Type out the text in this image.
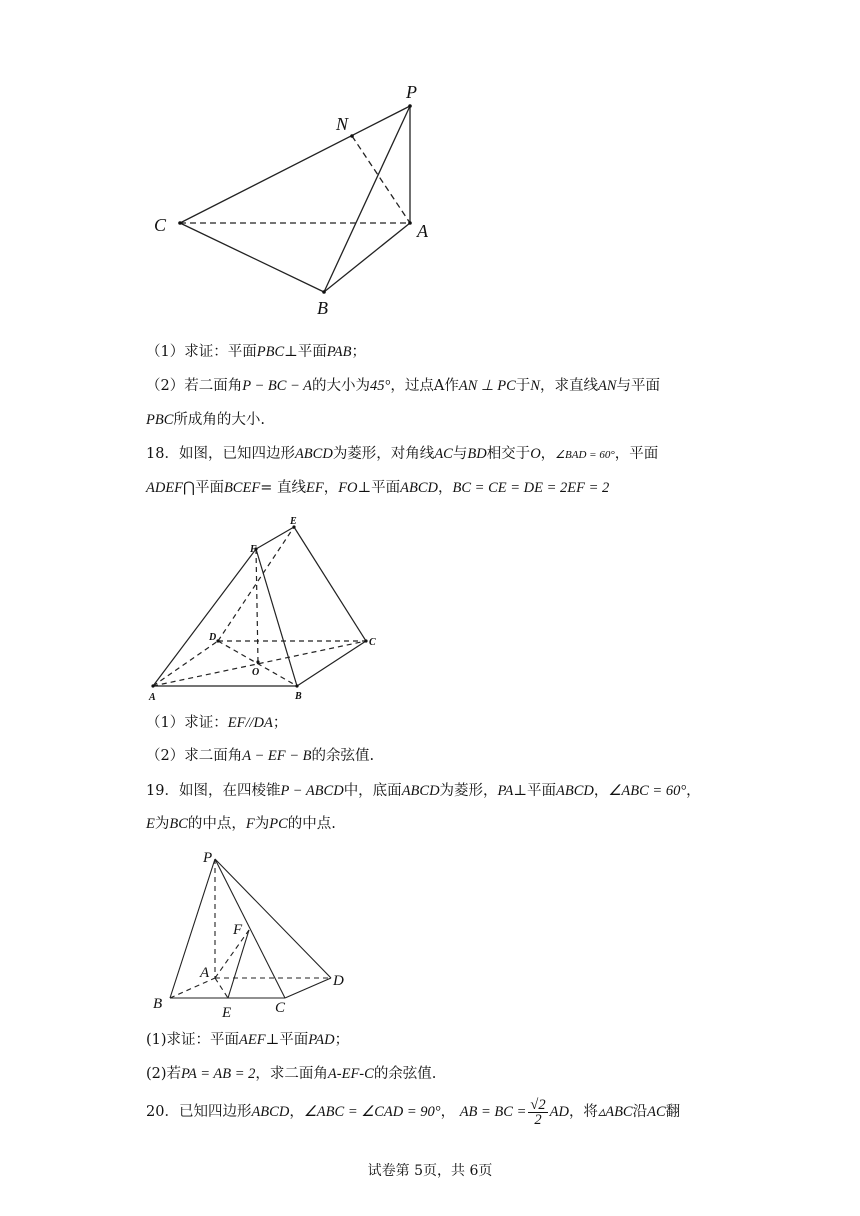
P
N
C	A
B
（1）求证：平面PBC⊥平面PAB；
（2）若二面角P − BC − A的大小为45°，过点A作AN ⊥ PC于N，求直线AN与平面
PBC所成角的大小.
18．如图，已知四边形ABCD为菱形，对角线AC与BD相交于O，∠BAD = 60°，平面
ADEF⋂平面BCEF= 直线EF，FO⊥平面ABCD，BC = CE = DE = 2EF = 2
E
F
D	C
O
A	B
（1）求证：EF//DA；
（2）求二面角A − EF − B的余弦值.
19．如图，在四棱锥P − ABCD中，底面ABCD为菱形，PA⊥平面ABCD，∠ABC = 60°，
E为BC的中点，F为PC的中点.
P
F
A	D
B
E	C
(1)求证：平面AEF⊥平面PAD；
(2)若PA = AB = 2，求二面角A-EF-C的余弦值.
20．已知四边形ABCD，∠ABC = ∠CAD = 90°， AB = BC = $\frac{√2}{2}$ AD，将▵ABC沿AC翻
试卷第 5页，共 6页
